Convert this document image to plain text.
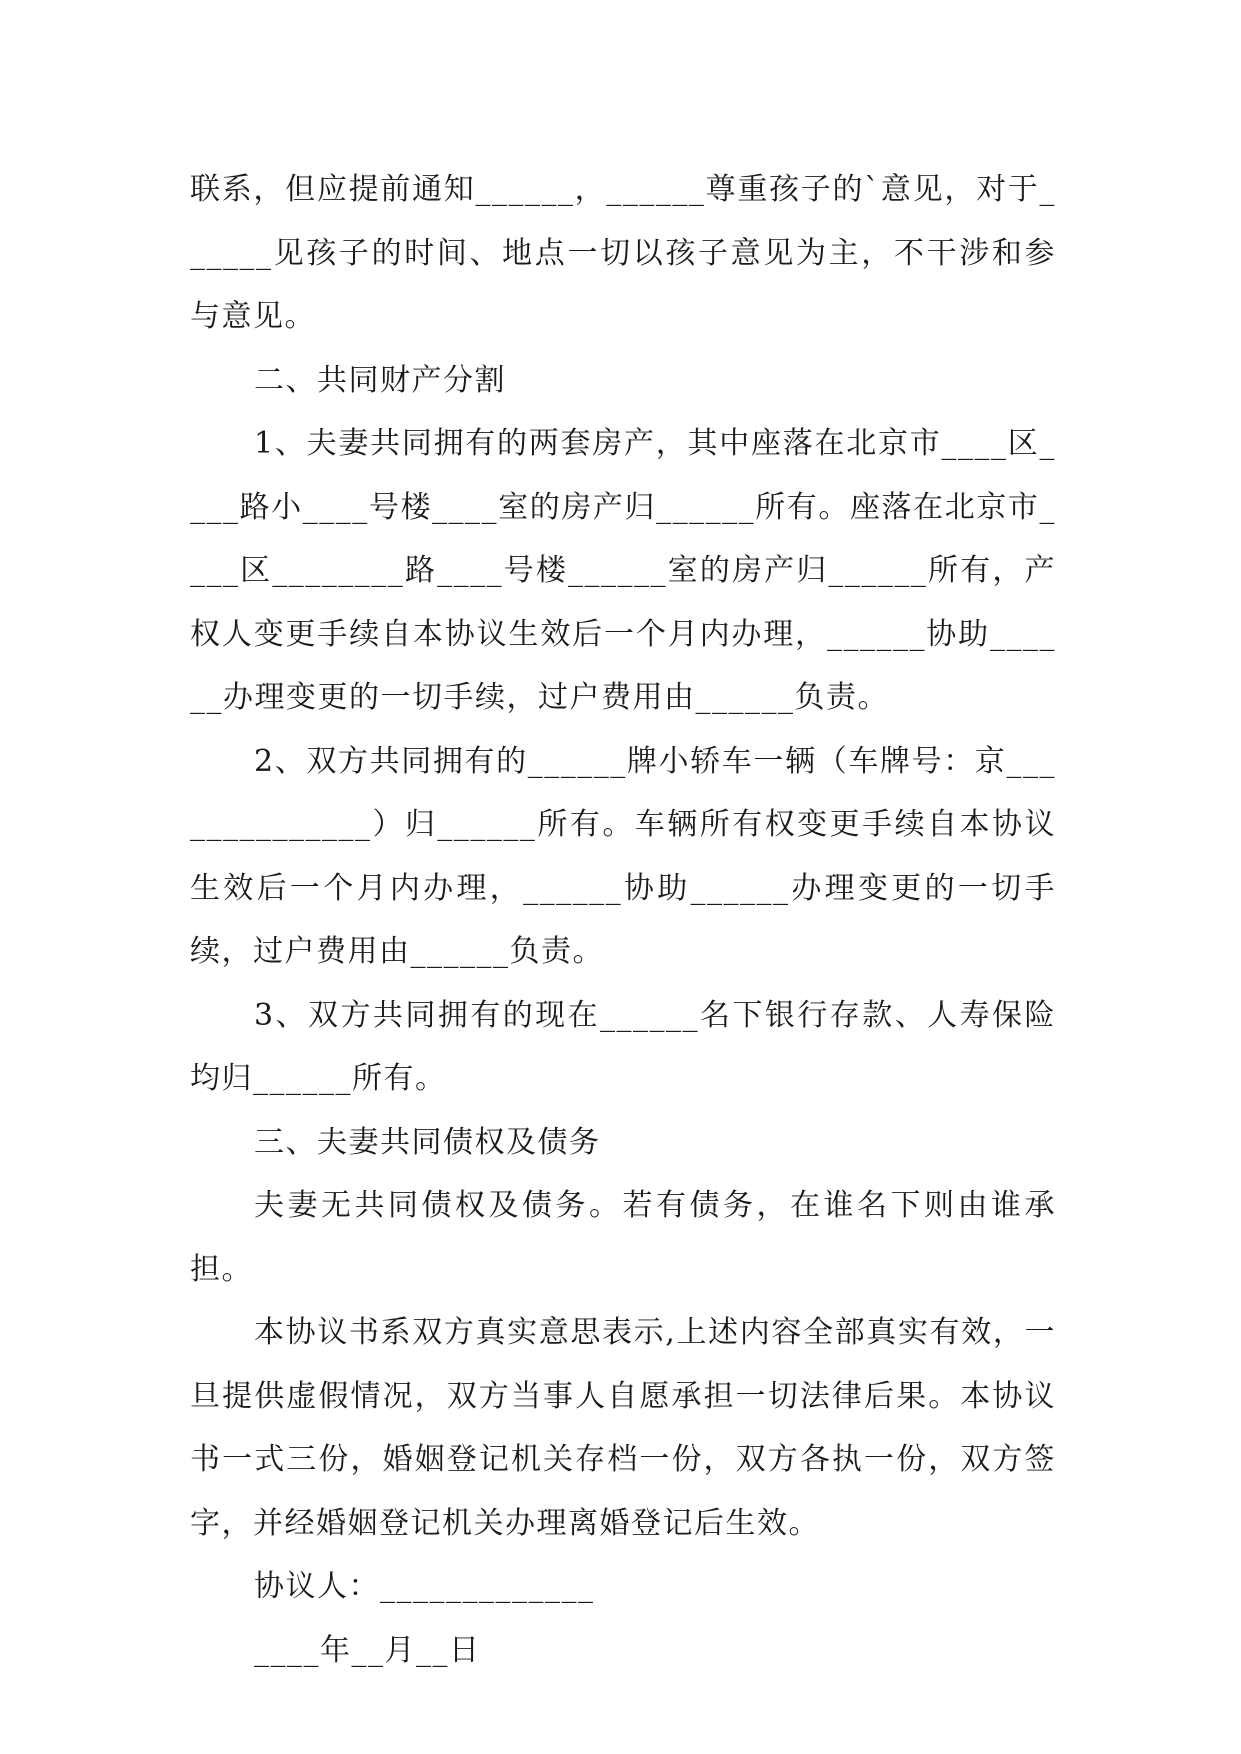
联系，但应提前通知______，______尊重孩子的`意见，对于______见孩子的时间、地点一切以孩子意见为主，不干涉和参与意见。

二、共同财产分割

1、夫妻共同拥有的两套房产，其中座落在北京市____区____路小____号楼____室的房产归______所有。座落在北京市____区________路____号楼______室的房产归______所有，产权人变更手续自本协议生效后一个月内办理，______协助______办理变更的一切手续，过户费用由______负责。

2、双方共同拥有的______牌小轿车一辆（车牌号：京______________）归______所有。车辆所有权变更手续自本协议生效后一个月内办理，______协助______办理变更的一切手续，过户费用由______负责。

3、双方共同拥有的现在______名下银行存款、人寿保险均归______所有。

三、夫妻共同债权及债务

夫妻无共同债权及债务。若有债务，在谁名下则由谁承担。

本协议书系双方真实意思表示,上述内容全部真实有效，一旦提供虚假情况，双方当事人自愿承担一切法律后果。本协议书一式三份，婚姻登记机关存档一份，双方各执一份，双方签字，并经婚姻登记机关办理离婚登记后生效。

协议人：_____________

____年__月__日
